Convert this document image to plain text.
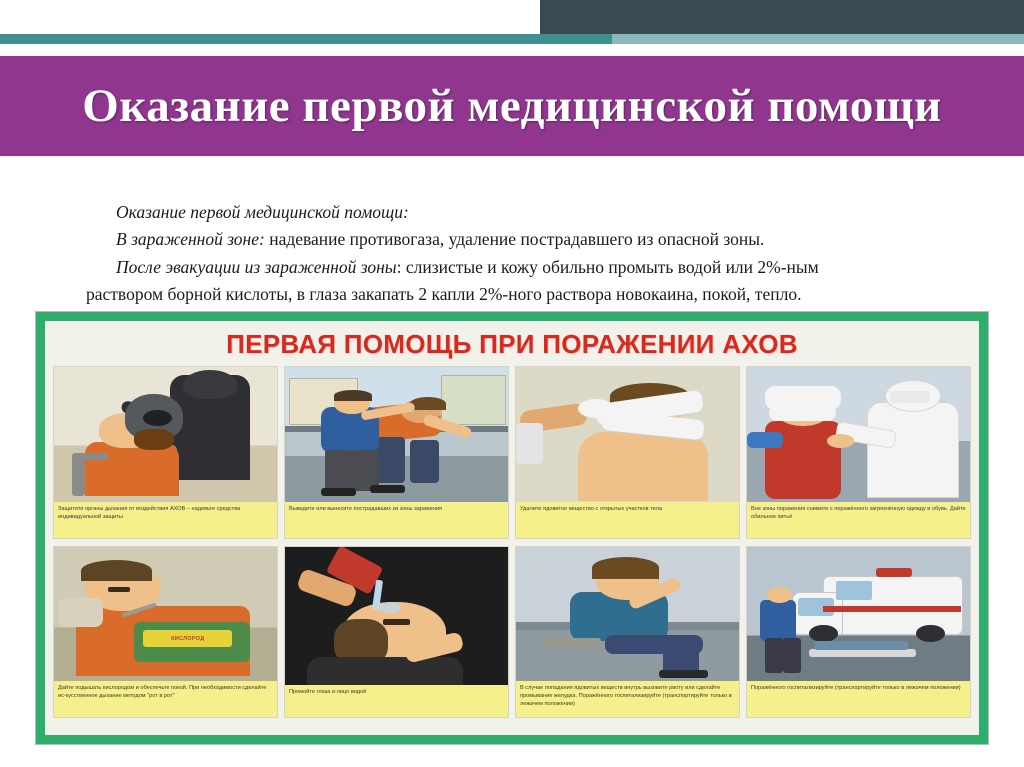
Оказание первой медицинской помощи

Оказание первой медицинской помощи:

В зараженной зоне: надевание противогаза, удаление пострадавшего из опасной зоны.

После эвакуации из зараженной зоны: слизистые и кожу обильно промыть водой или 2%-ным

раствором борной кислоты, в глаза закапать 2 капли 2%-ного раствора новокаина, покой, тепло.

ПЕРВАЯ ПОМОЩЬ ПРИ ПОРАЖЕНИИ АХОВ
Защитите органы дыхания от воздействия АХОВ – надевьте средства индивидуальной защиты
Выведите или вынесите пострадавших из зоны заражения	Удалите ядовитое вещество с открытых участков тела	Вне зоны поражения снимите с поражённого загрязнённую одежду и обувь. Дайте обильное питьё
КИСЛОРОД
Дайте подышать кислородом и обеспечьте покой. При необходимости сделайте ис-кусственное дыхание методом "рот в рот"
Промойте глаза и лицо водой
В случае попадания ядовитых веществ внутрь вызовите рвоту или сделайте промывание желудка. Поражённого госпитализируйте (транспортируйте только в лежачем положении)
Поражённого госпитализируйте (транспортируйте только в лежачем положении)
